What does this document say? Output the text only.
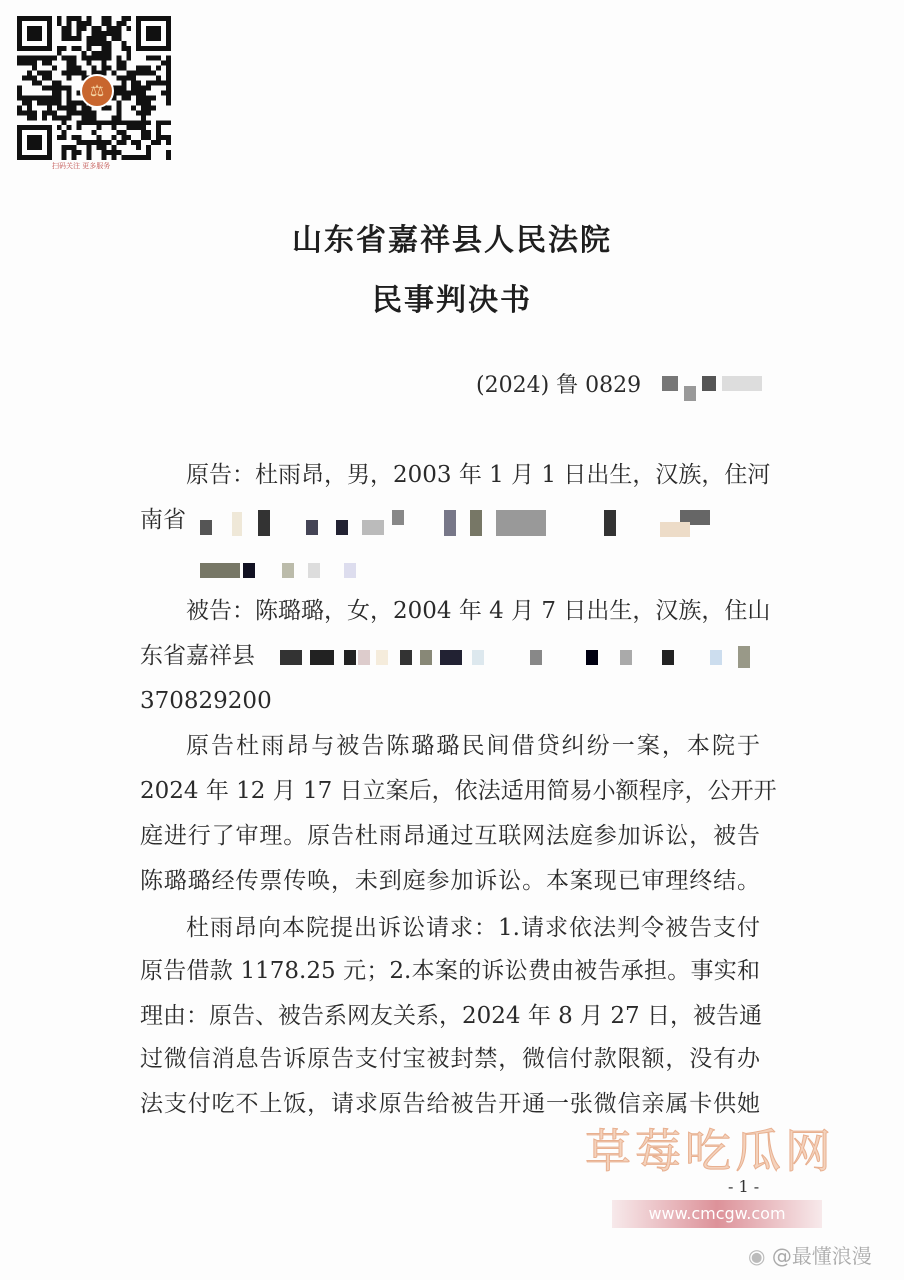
⚖
扫码关注 更多服务
山东省嘉祥县人民法院
民事判决书
(2024) 鲁 0829
原告：杜雨昂，男，2003 年 1 月 1 日出生，汉族，住河
南省
被告：陈璐璐，女，2004 年 4 月 7 日出生，汉族，住山
东省嘉祥县
370829200
原告杜雨昂与被告陈璐璐民间借贷纠纷一案，本院于
2024 年 12 月 17 日立案后，依法适用简易小额程序，公开开
庭进行了审理。原告杜雨昂通过互联网法庭参加诉讼，被告
陈璐璐经传票传唤，未到庭参加诉讼。本案现已审理终结。
杜雨昂向本院提出诉讼请求：1.请求依法判令被告支付
原告借款 1178.25 元；2.本案的诉讼费由被告承担。事实和
理由：原告、被告系网友关系，2024 年 8 月 27 日，被告通
过微信消息告诉原告支付宝被封禁，微信付款限额，没有办
法支付吃不上饭，请求原告给被告开通一张微信亲属卡供她
草莓吃瓜网
- 1 -
www.cmcgw.com
◉ @最懂浪漫
